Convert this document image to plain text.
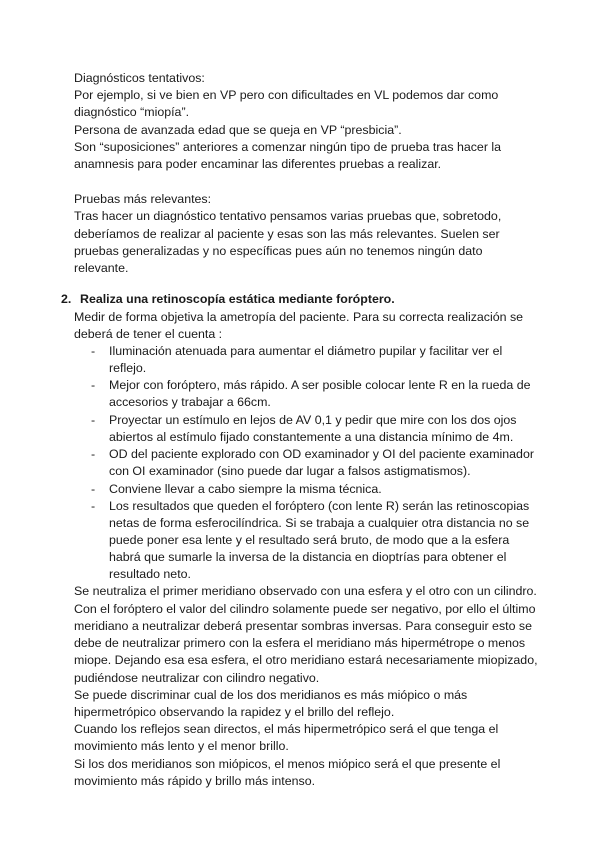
Diagnósticos tentativos:
Por ejemplo, si ve bien en VP pero con dificultades en VL podemos dar como
diagnóstico “miopía”.
Persona de avanzada edad que se queja en VP “presbicia”.
Son “suposiciones” anteriores a comenzar ningún tipo de prueba tras hacer la
anamnesis para poder encaminar las diferentes pruebas a realizar.
Pruebas más relevantes:
Tras hacer un diagnóstico tentativo pensamos varias pruebas que, sobretodo,
deberíamos de realizar al paciente y esas son las más relevantes. Suelen ser
pruebas generalizadas y no específicas pues aún no tenemos ningún dato
relevante.
2. Realiza una retinoscopía estática mediante foróptero.
Medir de forma objetiva la ametropía del paciente. Para su correcta realización se
deberá de tener el cuenta :
- Iluminación atenuada para aumentar el diámetro pupilar y facilitar ver el
reflejo.
- Mejor con foróptero, más rápido. A ser posible colocar lente R en la rueda de
accesorios y trabajar a 66cm.
- Proyectar un estímulo en lejos de AV 0,1 y pedir que mire con los dos ojos
abiertos al estímulo fijado constantemente a una distancia mínimo de 4m.
- OD del paciente explorado con OD examinador y OI del paciente examinador
con OI examinador (sino puede dar lugar a falsos astigmatismos).
- Conviene llevar a cabo siempre la misma técnica.
- Los resultados que queden el foróptero (con lente R) serán las retinoscopias
netas de forma esferocilíndrica. Si se trabaja a cualquier otra distancia no se
puede poner esa lente y el resultado será bruto, de modo que a la esfera
habrá que sumarle la inversa de la distancia en dioptrías para obtener el
resultado neto.
Se neutraliza el primer meridiano observado con una esfera y el otro con un cilindro.
Con el foróptero el valor del cilindro solamente puede ser negativo, por ello el último
meridiano a neutralizar deberá presentar sombras inversas. Para conseguir esto se
debe de neutralizar primero con la esfera el meridiano más hipermétrope o menos
miope. Dejando esa esa esfera, el otro meridiano estará necesariamente miopizado,
pudiéndose neutralizar con cilindro negativo.
Se puede discriminar cual de los dos meridianos es más miópico o más
hipermetrópico observando la rapidez y el brillo del reflejo.
Cuando los reflejos sean directos, el más hipermetrópico será el que tenga el
movimiento más lento y el menor brillo.
Si los dos meridianos son miópicos, el menos miópico será el que presente el
movimiento más rápido y brillo más intenso.
